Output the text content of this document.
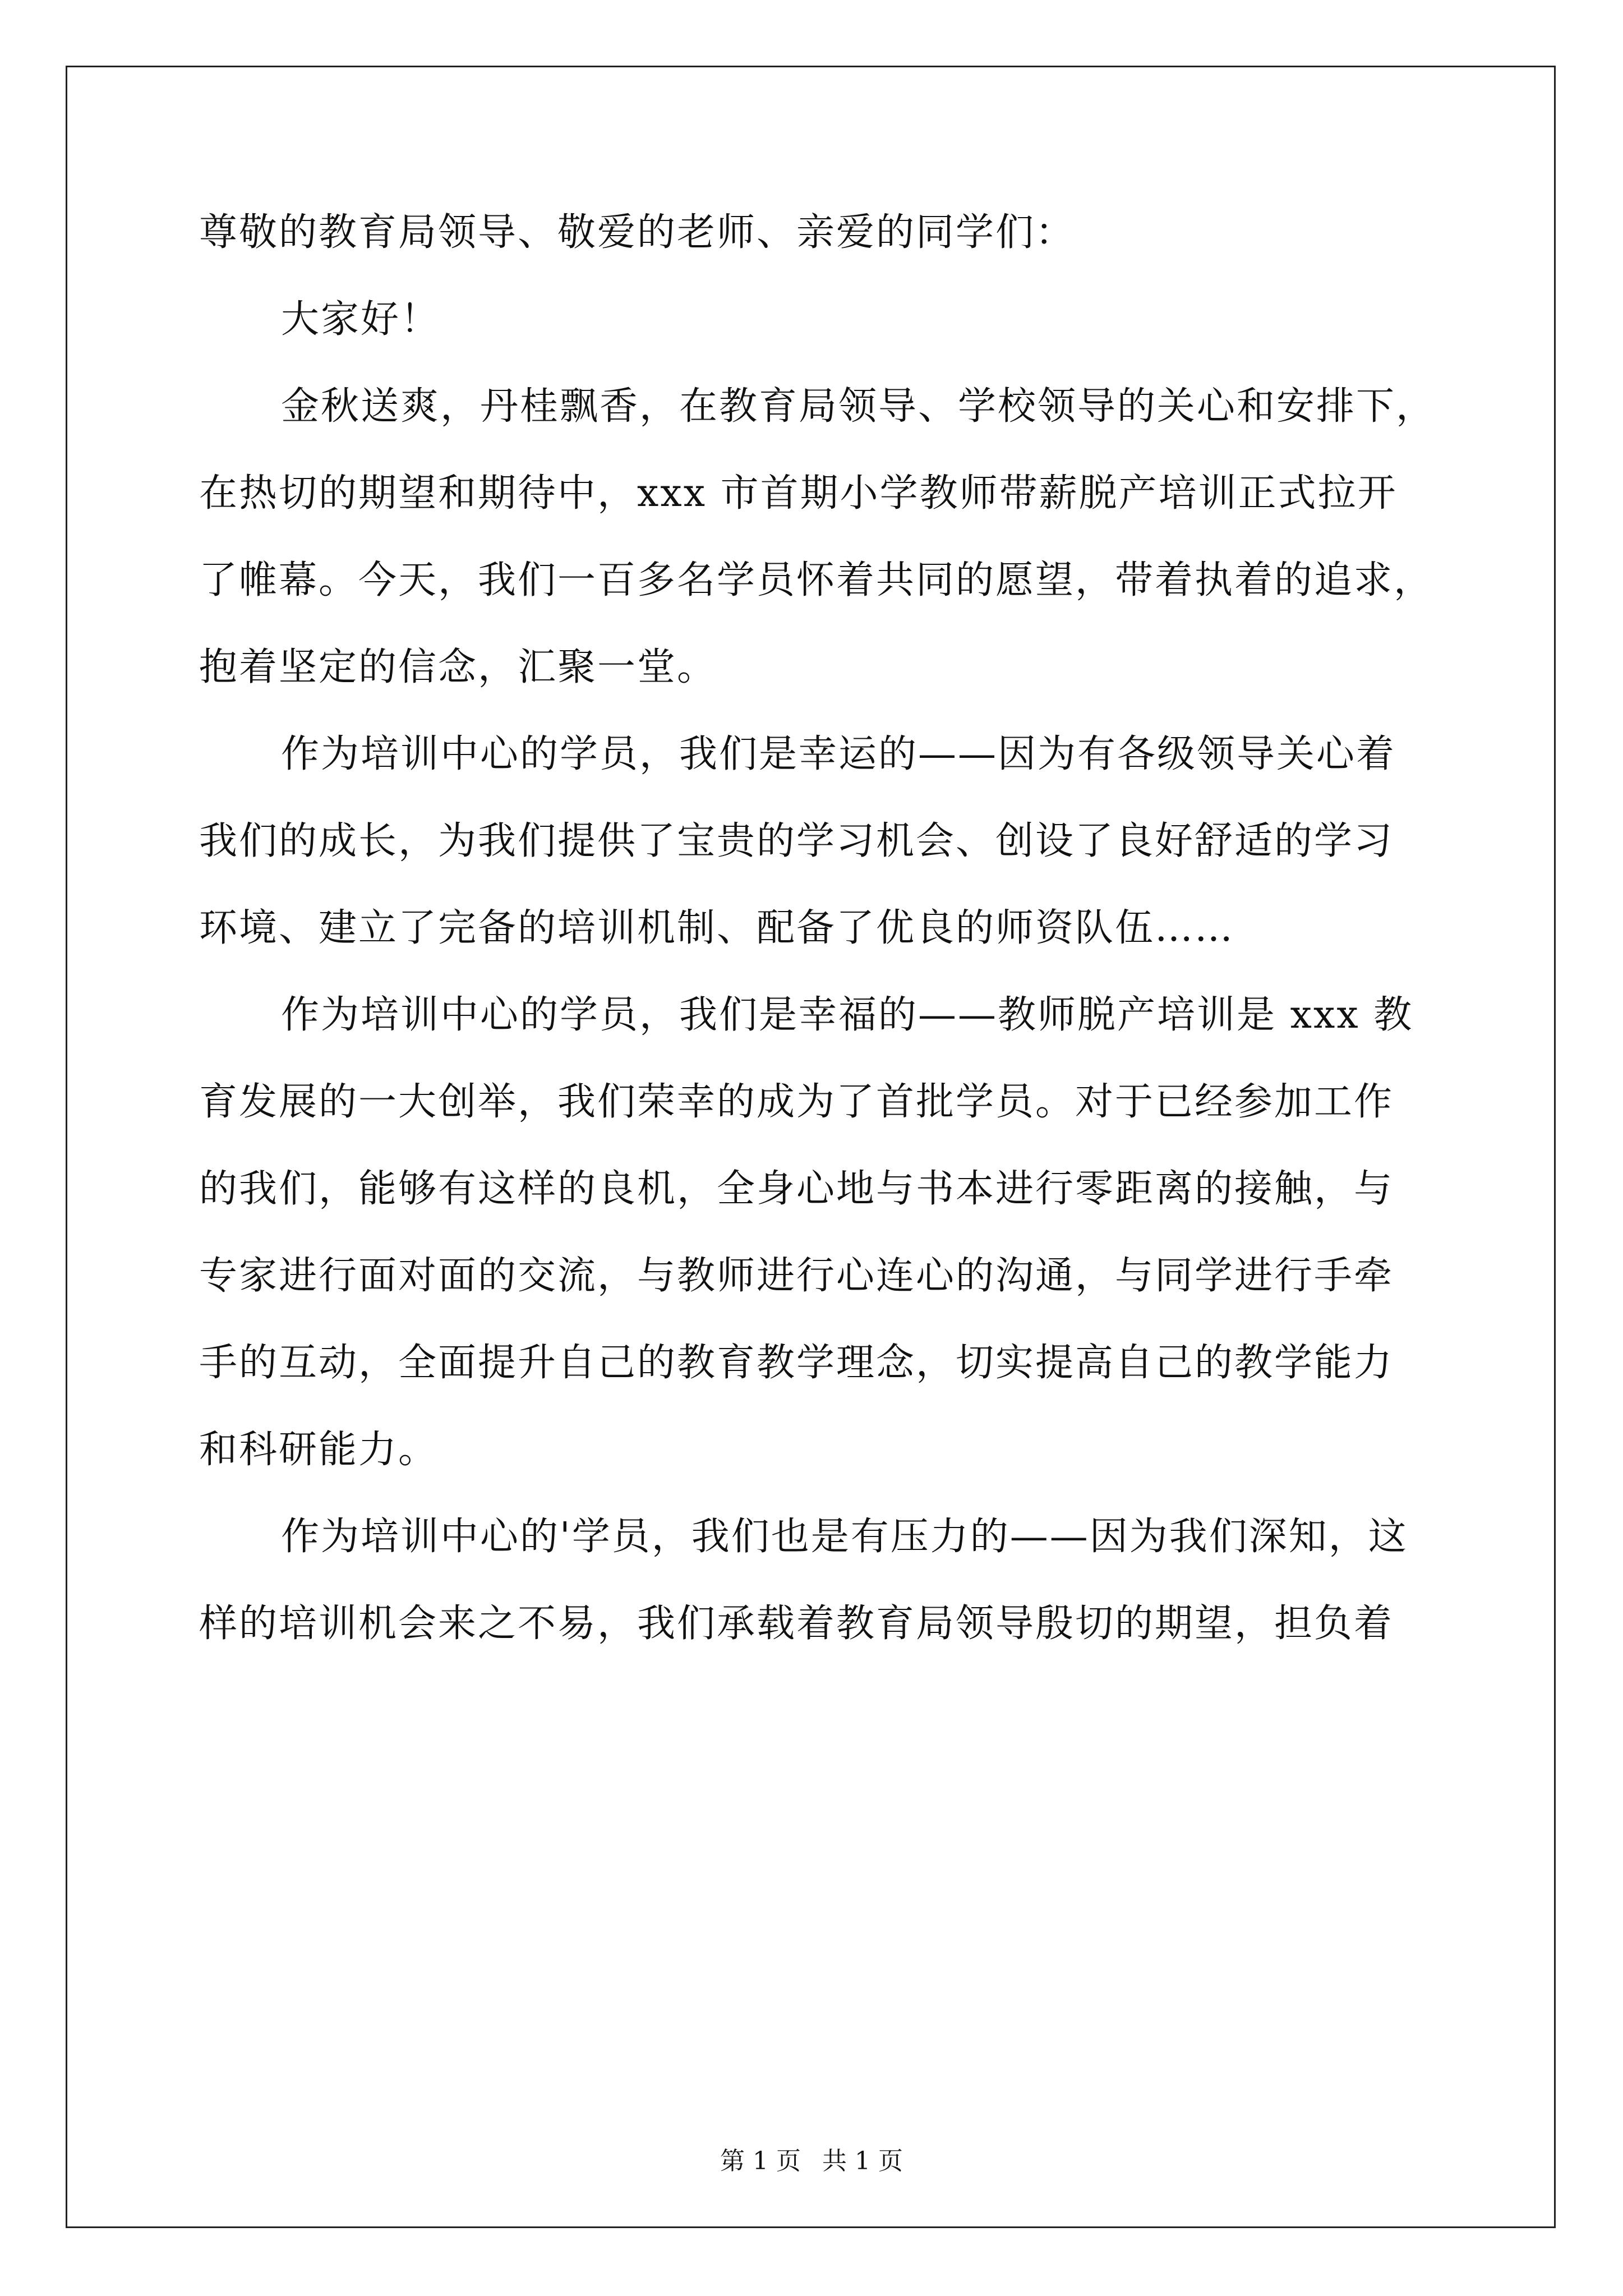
尊敬的教育局领导、敬爱的老师、亲爱的同学们：
大家好！
金秋送爽，丹桂飘香，在教育局领导、学校领导的关心和安排下，
在热切的期望和期待中，xxx 市首期小学教师带薪脱产培训正式拉开
了帷幕。今天，我们一百多名学员怀着共同的愿望，带着执着的追求，
抱着坚定的信念，汇聚一堂。
作为培训中心的学员，我们是幸运的——因为有各级领导关心着
我们的成长，为我们提供了宝贵的学习机会、创设了良好舒适的学习
环境、建立了完备的培训机制、配备了优良的师资队伍……
作为培训中心的学员，我们是幸福的——教师脱产培训是 xxx 教
育发展的一大创举，我们荣幸的成为了首批学员。对于已经参加工作
的我们，能够有这样的良机，全身心地与书本进行零距离的接触，与
专家进行面对面的交流，与教师进行心连心的沟通，与同学进行手牵
手的互动，全面提升自己的教育教学理念，切实提高自己的教学能力
和科研能力。
作为培训中心的'学员，我们也是有压力的——因为我们深知，这
样的培训机会来之不易，我们承载着教育局领导殷切的期望，担负着
第 1 页 共 1 页
